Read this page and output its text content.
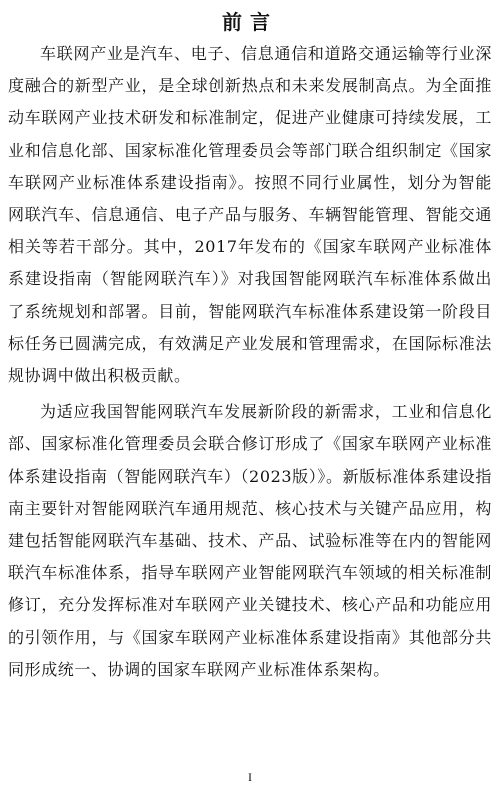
前言

车联网产业是汽车、电子、信息通信和道路交通运输等行业深度融合的新型产业，是全球创新热点和未来发展制高点。为全面推动车联网产业技术研发和标准制定，促进产业健康可持续发展，工业和信息化部、国家标准化管理委员会等部门联合组织制定《国家车联网产业标准体系建设指南》。按照不同行业属性，划分为智能网联汽车、信息通信、电子产品与服务、车辆智能管理、智能交通相关等若干部分。其中，2017年发布的《国家车联网产业标准体系建设指南（智能网联汽车）》对我国智能网联汽车标准体系做出了系统规划和部署。目前，智能网联汽车标准体系建设第一阶段目标任务已圆满完成，有效满足产业发展和管理需求，在国际标准法规协调中做出积极贡献。

为适应我国智能网联汽车发展新阶段的新需求，工业和信息化部、国家标准化管理委员会联合修订形成了《国家车联网产业标准体系建设指南（智能网联汽车）（2023版）》。新版标准体系建设指南主要针对智能网联汽车通用规范、核心技术与关键产品应用，构建包括智能网联汽车基础、技术、产品、试验标准等在内的智能网联汽车标准体系，指导车联网产业智能网联汽车领域的相关标准制修订，充分发挥标准对车联网产业关键技术、核心产品和功能应用的引领作用，与《国家车联网产业标准体系建设指南》其他部分共同形成统一、协调的国家车联网产业标准体系架构。

I
